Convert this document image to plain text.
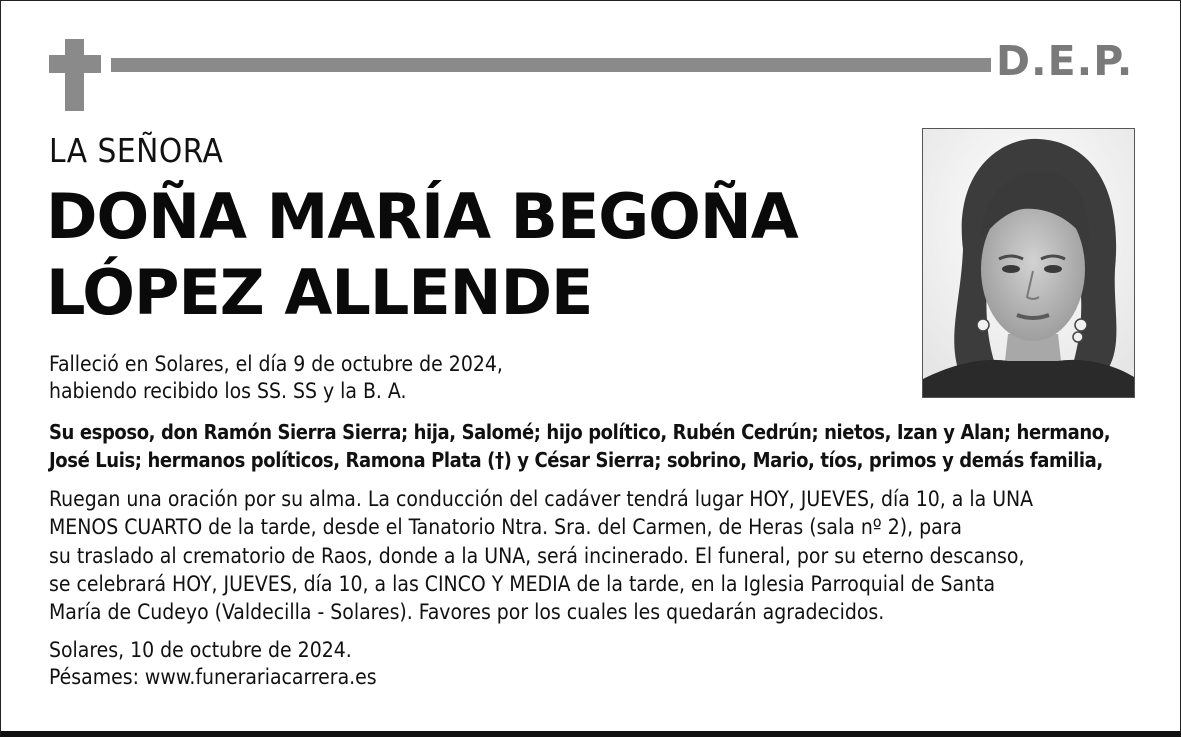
D.E.P.
LA SEÑORA
DOÑA MARÍA BEGOÑA
LÓPEZ ALLENDE
Falleció en Solares, el día 9 de octubre de 2024,
habiendo recibido los SS. SS y la B. A.
Su esposo, don Ramón Sierra Sierra; hija, Salomé; hijo político, Rubén Cedrún; nietos, Izan y Alan; hermano,
José Luis; hermanos políticos, Ramona Plata (†) y César Sierra; sobrino, Mario, tíos, primos y demás familia,
Ruegan una oración por su alma. La conducción del cadáver tendrá lugar HOY, JUEVES, día 10, a la UNA
MENOS CUARTO de la tarde, desde el Tanatorio Ntra. Sra. del Carmen, de Heras (sala nº 2), para
su traslado al crematorio de Raos, donde a la UNA, será incinerado. El funeral, por su eterno descanso,
se celebrará HOY, JUEVES, día 10, a las CINCO Y MEDIA de la tarde, en la Iglesia Parroquial de Santa
María de Cudeyo (Valdecilla - Solares). Favores por los cuales les quedarán agradecidos.
Solares, 10 de octubre de 2024.
Pésames: www.funerariacarrera.es
